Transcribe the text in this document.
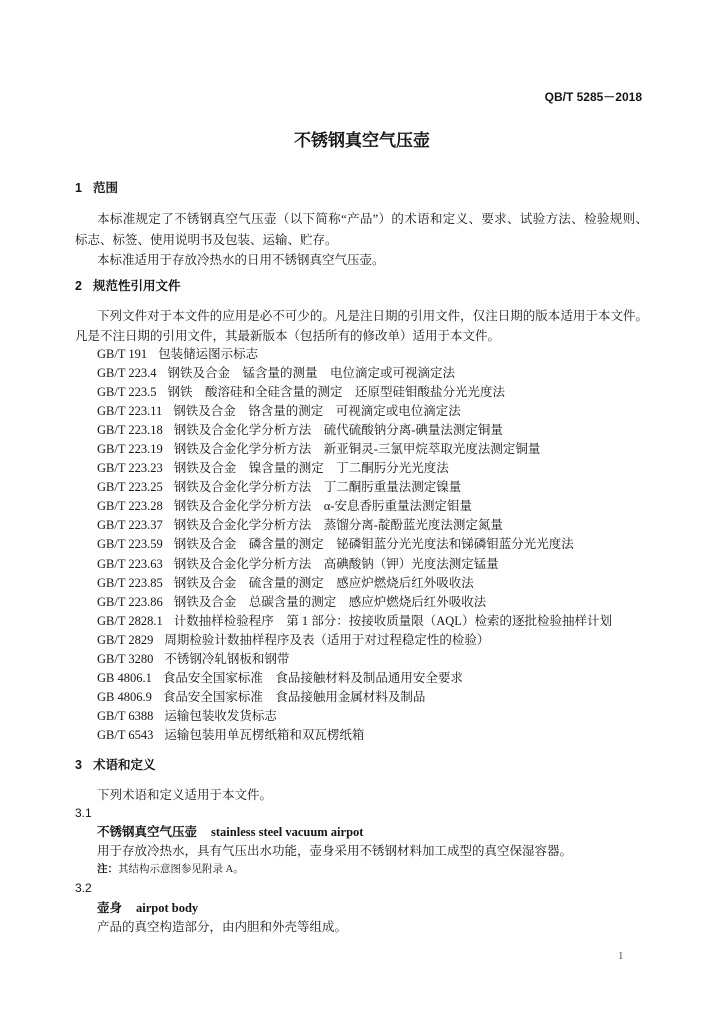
QB/T 5285－2018
不锈钢真空气压壶
1 范围
本标准规定了不锈钢真空气压壶（以下简称“产品”）的术语和定义、要求、试验方法、检验规则、
标志、标签、使用说明书及包装、运输、贮存。
本标准适用于存放冷热水的日用不锈钢真空气压壶。
2 规范性引用文件
下列文件对于本文件的应用是必不可少的。凡是注日期的引用文件，仅注日期的版本适用于本文件。
凡是不注日期的引用文件，其最新版本（包括所有的修改单）适用于本文件。
GB/T 191 包装储运图示标志
GB/T 223.4 钢铁及合金　锰含量的测量　电位滴定或可视滴定法
GB/T 223.5 钢铁　酸溶硅和全硅含量的测定　还原型硅钼酸盐分光光度法
GB/T 223.11 钢铁及合金　铬含量的测定　可视滴定或电位滴定法
GB/T 223.18 钢铁及合金化学分析方法　硫代硫酸钠分离-碘量法测定铜量
GB/T 223.19 钢铁及合金化学分析方法　新亚铜灵-三氯甲烷萃取光度法测定铜量
GB/T 223.23 钢铁及合金　镍含量的测定　丁二酮肟分光光度法
GB/T 223.25 钢铁及合金化学分析方法　丁二酮肟重量法测定镍量
GB/T 223.28 钢铁及合金化学分析方法　α-安息香肟重量法测定钼量
GB/T 223.37 钢铁及合金化学分析方法　蒸馏分离-靛酚蓝光度法测定氮量
GB/T 223.59 钢铁及合金　磷含量的测定　铋磷钼蓝分光光度法和锑磷钼蓝分光光度法
GB/T 223.63 钢铁及合金化学分析方法　高碘酸钠（钾）光度法测定锰量
GB/T 223.85 钢铁及合金　硫含量的测定　感应炉燃烧后红外吸收法
GB/T 223.86 钢铁及合金　总碳含量的测定　感应炉燃烧后红外吸收法
GB/T 2828.1 计数抽样检验程序　第 1 部分：按接收质量限（AQL）检索的逐批检验抽样计划
GB/T 2829 周期检验计数抽样程序及表（适用于对过程稳定性的检验）
GB/T 3280 不锈钢冷轧钢板和钢带
GB 4806.1 食品安全国家标准　食品接触材料及制品通用安全要求
GB 4806.9 食品安全国家标准　食品接触用金属材料及制品
GB/T 6388 运输包装收发货标志
GB/T 6543 运输包装用单瓦楞纸箱和双瓦楞纸箱
3 术语和定义
下列术语和定义适用于本文件。
3.1
不锈钢真空气压壶 stainless steel vacuum airpot
用于存放冷热水，具有气压出水功能，壶身采用不锈钢材料加工成型的真空保湿容器。
注：其结构示意图参见附录 A。
3.2
壶身 airpot body
产品的真空构造部分，由内胆和外壳等组成。
1
